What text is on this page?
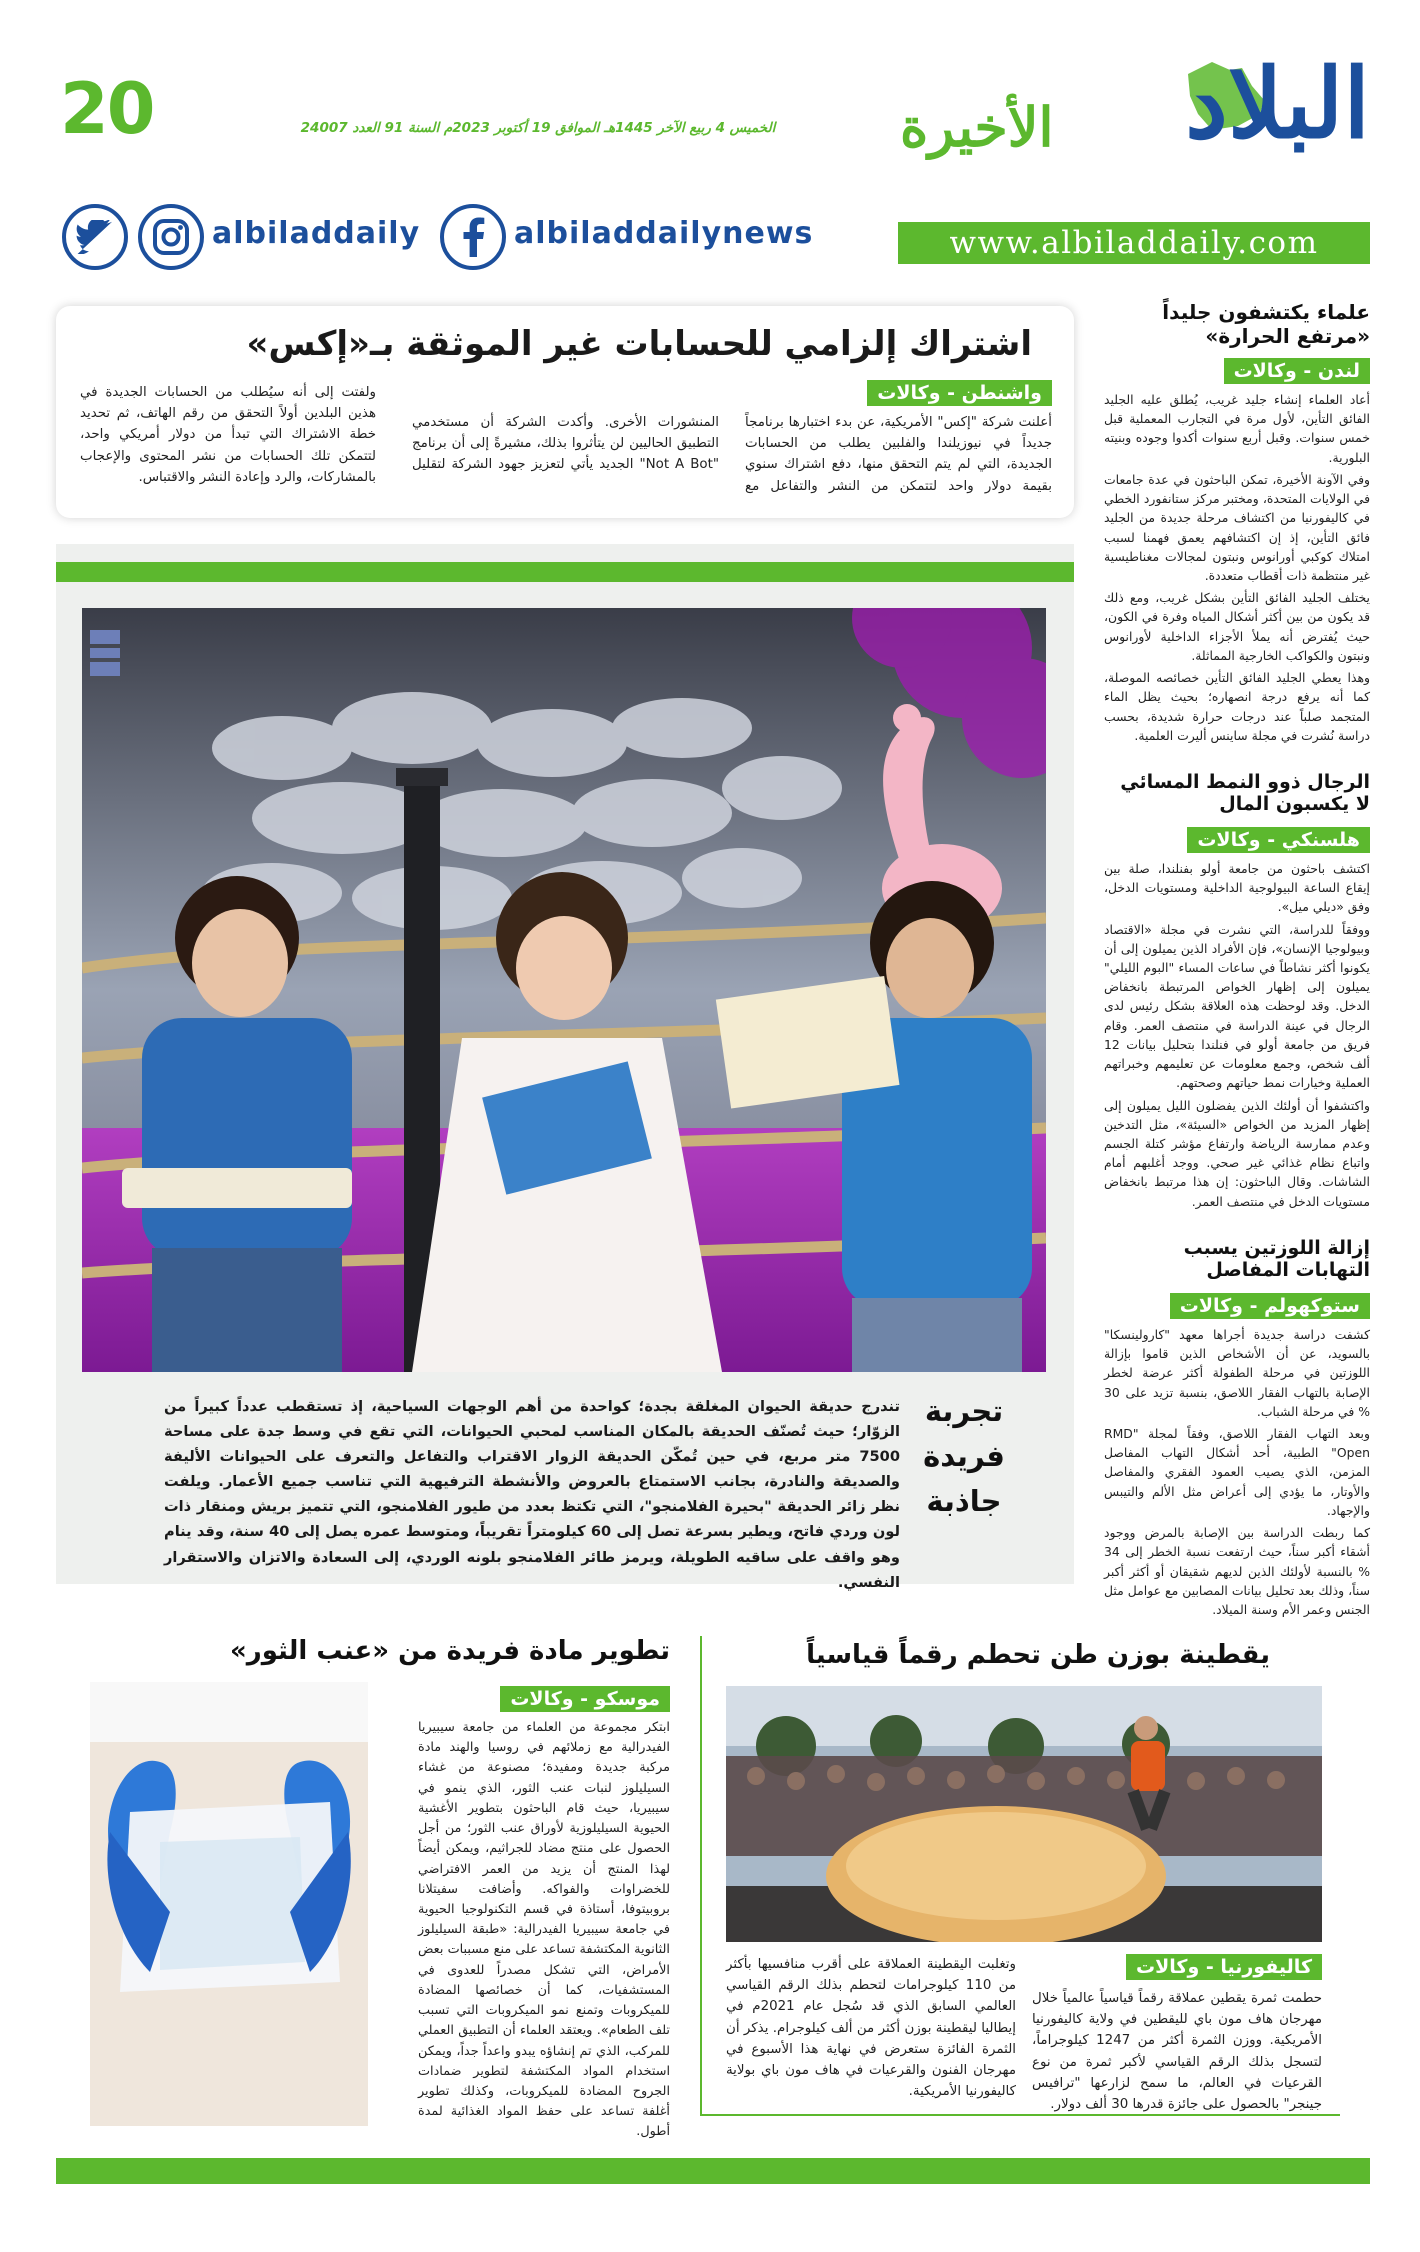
20	الخميس 4 ربيع الآخر 1445هـ الموافق 19 أكتوبر 2023م السنة 91 العدد 24007	البلاد
الأخيرة
albiladdaily	albiladdailynews	www.albiladdaily.com
علماء يكتشفون جليداً «مرتفع الحرارة»
لندن - وكالات

أعاد العلماء إنشاء جليد غريب، يُطلق عليه الجليد الفائق التأين، لأول مرة في التجارب المعملية قبل خمس سنوات. وقبل أربع سنوات أكدوا وجوده وبنيته البلورية.

وفي الآونة الأخيرة، تمكن الباحثون في عدة جامعات في الولايات المتحدة، ومختبر مركز ستانفورد الخطي في كاليفورنيا من اكتشاف مرحلة جديدة من الجليد فائق التأين، إذ إن اكتشافهم يعمق فهمنا لسبب امتلاك كوكبي أورانوس ونبتون لمجالات مغناطيسية غير منتظمة ذات أقطاب متعددة.

يختلف الجليد الفائق التأين بشكل غريب، ومع ذلك قد يكون من بين أكثر أشكال المياه وفرة في الكون، حيث يُفترض أنه يملأ الأجزاء الداخلية لأورانوس ونبتون والكواكب الخارجية المماثلة.

وهذا يعطي الجليد الفائق التأين خصائصه الموصلة، كما أنه يرفع درجة انصهاره؛ بحيث يظل الماء المتجمد صلباً عند درجات حرارة شديدة، بحسب دراسة نُشرت في مجلة ساينس أليرت العلمية.

الرجال ذوو النمط المسائي لا يكسبون المال
هلسنكي - وكالات

اكتشف باحثون من جامعة أولو بفنلندا، صلة بين إيقاع الساعة البيولوجية الداخلية ومستويات الدخل، وفق «ديلي ميل».

ووفقاً للدراسة، التي نشرت في مجلة «الاقتصاد وبيولوجيا الإنسان»، فإن الأفراد الذين يميلون إلى أن يكونوا أكثر نشاطاً في ساعات المساء "البوم الليلي" يميلون إلى إظهار الخواص المرتبطة بانخفاض الدخل. وقد لوحظت هذه العلاقة بشكل رئيس لدى الرجال في عينة الدراسة في منتصف العمر. وقام فريق من جامعة أولو في فنلندا بتحليل بيانات 12 ألف شخص، وجمع معلومات عن تعليمهم وخبراتهم العملية وخيارات نمط حياتهم وصحتهم.

واكتشفوا أن أولئك الذين يفضلون الليل يميلون إلى إظهار المزيد من الخواص «السيئة»، مثل التدخين وعدم ممارسة الرياضة وارتفاع مؤشر كتلة الجسم واتباع نظام غذائي غير صحي. ووجد أغلبهم أمام الشاشات. وقال الباحثون: إن هذا مرتبط بانخفاض مستويات الدخل في منتصف العمر.

إزالة اللوزتين يسبب التهابات المفاصل
ستوكهولم - وكالات

كشفت دراسة جديدة أجراها معهد "كارولينسكا" بالسويد، عن أن الأشخاص الذين قاموا بإزالة اللوزتين في مرحلة الطفولة أكثر عرضة لخطر الإصابة بالتهاب الفقار اللاصق، بنسبة تزيد على 30 % في مرحلة الشباب.

وبعد التهاب الفقار اللاصق، وفقاً لمجلة "RMD Open" الطبية، أحد أشكال التهاب المفاصل المزمن، الذي يصيب العمود الفقري والمفاصل والأوتار، ما يؤدي إلى أعراض مثل الألم والتيبس والإجهاد.

كما ربطت الدراسة بين الإصابة بالمرض ووجود أشقاء أكبر سناً، حيث ارتفعت نسبة الخطر إلى 34 % بالنسبة لأولئك الذين لديهم شقيقان أو أكثر أكبر سناً، وذلك بعد تحليل بيانات المصابين مع عوامل مثل الجنس وعمر الأم وسنة الميلاد.

اشتراك إلزامي للحسابات غير الموثقة بـ«إكس»
واشنطن - وكالات
أعلنت شركة "إكس" الأمريكية، عن بدء اختبارها برنامجاً جديداً في نيوزيلندا والفلبين يطلب من الحسابات الجديدة، التي لم يتم التحقق منها، دفع اشتراك سنوي بقيمة دولار واحد لتتمكن من النشر والتفاعل مع المنشورات الأخرى. وأكدت الشركة أن مستخدمي التطبيق الحاليين لن يتأثروا بذلك، مشيرةً إلى أن برنامج "Not A Bot" الجديد يأتي لتعزيز جهود الشركة لتقليل
ولفتت إلى أنه سيُطلب من الحسابات الجديدة في هذين البلدين أولاً التحقق من رقم الهاتف، ثم تحديد خطة الاشتراك التي تبدأ من دولار أمريكي واحد، لتتمكن تلك الحسابات من نشر المحتوى والإعجاب بالمشاركات، والرد وإعادة النشر والاقتباس.
تجربة
فريدة
جاذبة
تندرج حديقة الحيوان المغلقة بجدة؛ كواحدة من أهم الوجهات السياحية، إذ تستقطب عدداً كبيراً من الزوّار؛ حيث تُصنّف الحديقة بالمكان المناسب لمحبي الحيوانات، التي تقع في وسط جدة على مساحة 7500 متر مربع، في حين تُمكّن الحديقة الزوار الاقتراب والتفاعل والتعرف على الحيوانات الأليفة والصديقة والنادرة، بجانب الاستمتاع بالعروض والأنشطة الترفيهية التي تناسب جميع الأعمار. ويلفت نظر زائر الحديقة "بحيرة الفلامنجو"، التي تكتظ بعدد من طيور الفلامنجو، التي تتميز بريش ومنقار ذات لون وردي فاتح، ويطير بسرعة تصل إلى 60 كيلومتراً تقريباً، ومتوسط عمره يصل إلى 40 سنة، وقد ينام وهو واقف على ساقيه الطويلة، ويرمز طائر الفلامنجو بلونه الوردي، إلى السعادة والاتزان والاستقرار النفسي.
يقطينة بوزن طن تحطم رقماً قياسياً
كاليفورنيا - وكالات
حطمت ثمرة يقطين عملاقة رقماً قياسياً عالمياً خلال مهرجان هاف مون باي لليقطين في ولاية كاليفورنيا الأمريكية. ووزن الثمرة أكثر من 1247 كيلوجراماً، لتسجل بذلك الرقم القياسي لأكبر ثمرة من نوع القرعيات في العالم، ما سمح لزارعها "ترافيس جينجر" بالحصول على جائزة قدرها 30 ألف دولار.
وتغلبت اليقطينة العملاقة على أقرب منافسيها بأكثر من 110 كيلوجرامات لتحطم بذلك الرقم القياسي العالمي السابق الذي قد سُجل عام 2021م في إيطاليا ليقطينة بوزن أكثر من ألف كيلوجرام. يذكر أن الثمرة الفائزة ستعرض في نهاية هذا الأسبوع في مهرجان الفنون والقرعيات في هاف مون باي بولاية كاليفورنيا الأمريكية.
تطوير مادة فريدة من «عنب الثور»
موسكو - وكالات
ابتكر مجموعة من العلماء من جامعة سيبيريا الفيدرالية مع زملائهم في روسيا والهند مادة مركبة جديدة ومفيدة؛ مصنوعة من غشاء السيليلوز لنبات عنب الثور، الذي ينمو في سيبيريا، حيث قام الباحثون بتطوير الأغشية الحيوية السيليلوزية لأوراق عنب الثور؛ من أجل الحصول على منتج مضاد للجراثيم، ويمكن أيضاً لهذا المنتج أن يزيد من العمر الافتراضي للخضراوات والفواكه. وأضافت سفيتلانا بروبيتوفا، أستاذة في قسم التكنولوجيا الحيوية في جامعة سيبيريا الفيدرالية: «طبقة السيليلوز الثانوية المكتشفة تساعد على منع مسببات بعض الأمراض، التي تشكل مصدراً للعدوى في المستشفيات، كما أن خصائصها المضادة للميكروبات وتمنع نمو الميكروبات التي تسبب تلف الطعام». ويعتقد العلماء أن التطبيق العملي للمركب، الذي تم إنشاؤه يبدو واعداً جداً، ويمكن استخدام المواد المكتشفة لتطوير ضمادات الجروح المضادة للميكروبات، وكذلك تطوير أغلفة تساعد على حفظ المواد الغذائية لمدة أطول.
